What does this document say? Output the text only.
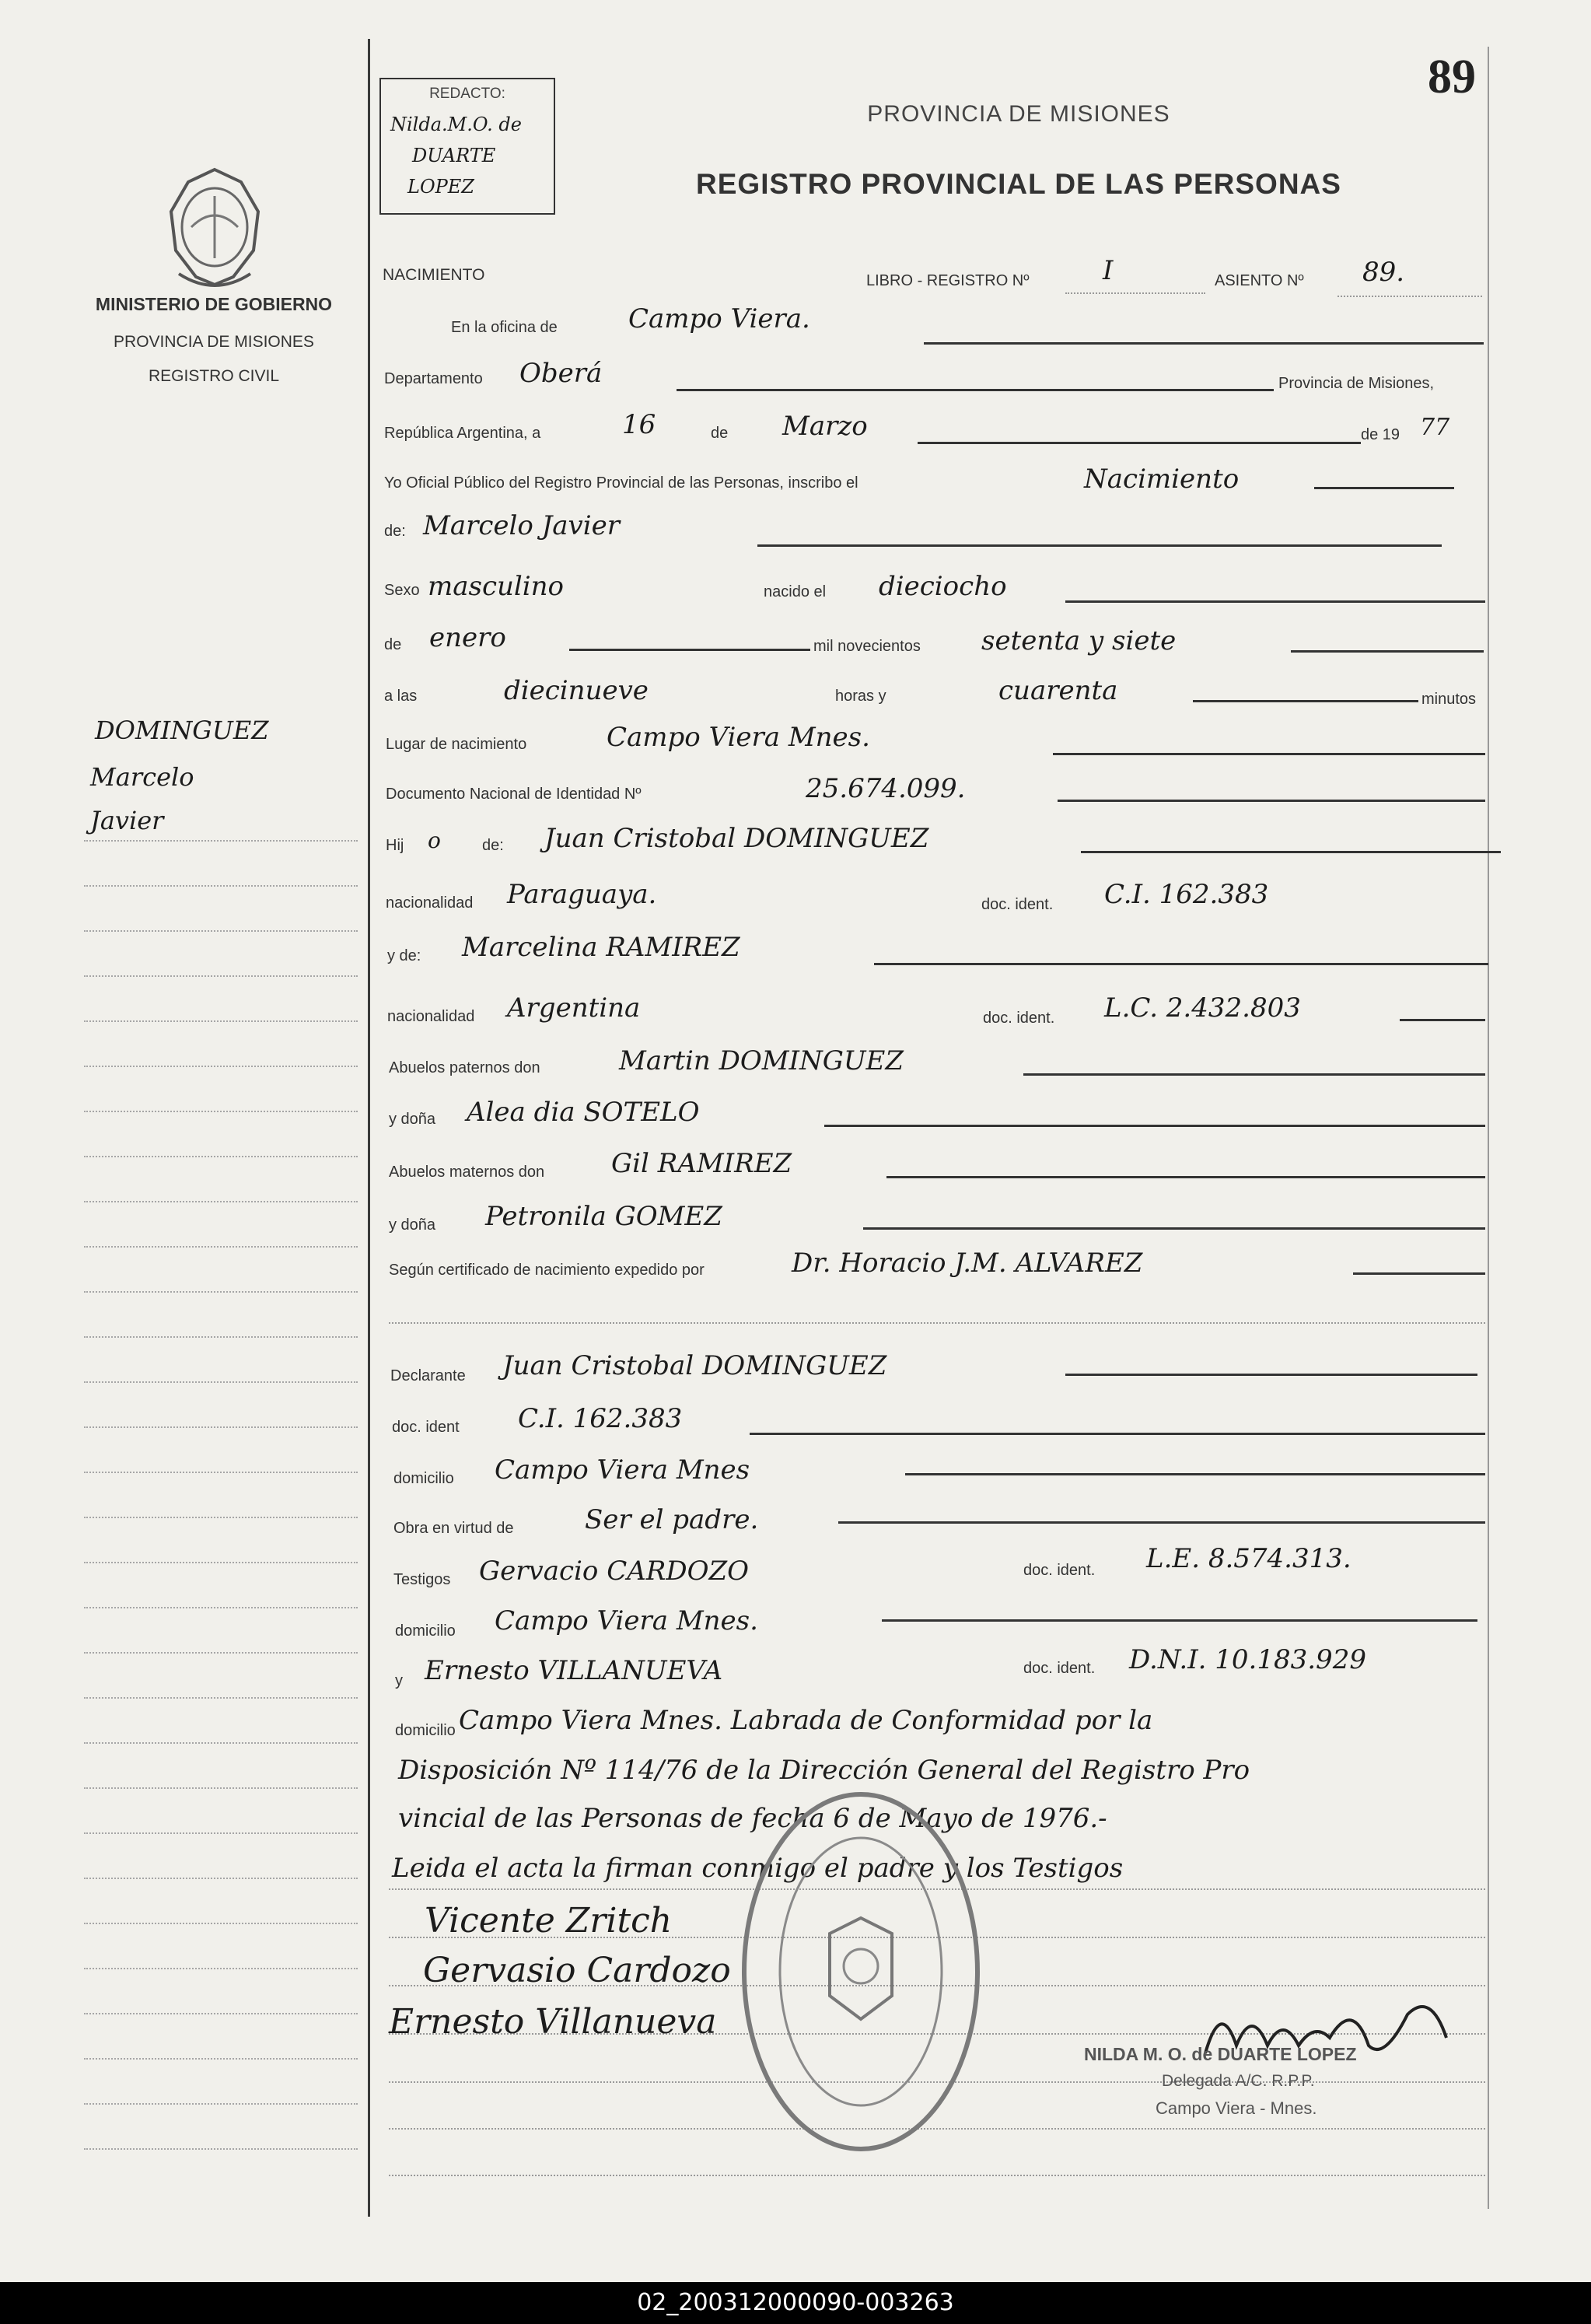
MINISTERIO DE GOBIERNO
PROVINCIA DE MISIONES
REGISTRO CIVIL
DOMINGUEZ
Marcelo
Javier
REDACTO:
Nilda.M.O. de
DUARTE
LOPEZ
89
PROVINCIA DE MISIONES
REGISTRO PROVINCIAL DE LAS PERSONAS
NACIMIENTO	LIBRO - REGISTRO Nº	I	ASIENTO Nº 89.
En la oficina de	Campo Viera.
Departamento Oberá	Provincia de Misiones,
República Argentina, a	16	de Marzo	de 19 77
Yo Oficial Público del Registro Provincial de las Personas, inscribo el	Nacimiento
de: Marcelo Javier
Sexo masculino	nacido el dieciocho
de enero	mil novecientos setenta y siete
a las	diecinueve	horas y	cuarenta	minutos
Lugar de nacimiento	Campo Viera Mnes.
Documento Nacional de Identidad Nº	25.674.099.
Hij o	de: Juan Cristobal DOMINGUEZ
nacionalidad Paraguaya.	doc. ident. C.I. 162.383
y de: Marcelina RAMIREZ
nacionalidad Argentina	doc. ident. L.C. 2.432.803
Abuelos paternos don	Martin DOMINGUEZ
y doña Alea dia SOTELO
Abuelos maternos don	Gil RAMIREZ
y doña Petronila GOMEZ
Según certificado de nacimiento expedido por	Dr. Horacio J.M. ALVAREZ
Declarante Juan Cristobal DOMINGUEZ
doc. ident C.I. 162.383
domicilio Campo Viera Mnes
Obra en virtud de	Ser el padre.
Testigos Gervacio CARDOZO	doc. ident. L.E. 8.574.313.
domicilio Campo Viera Mnes.
y Ernesto VILLANUEVA	doc. ident. D.N.I. 10.183.929
domicilio Campo Viera Mnes. Labrada de Conformidad por la
Disposición Nº 114/76 de la Dirección General del Registro Pro
vincial de las Personas de fecha 6 de Mayo de 1976.-
Leida el acta la firman conmigo el padre y los Testigos
Vicente Zritch
Gervasio Cardozo
Ernesto Villanueva
NILDA M. O. de DUARTE LOPEZ
Delegada A/C. R.P.P.
Campo Viera - Mnes.
02_200312000090-003263
